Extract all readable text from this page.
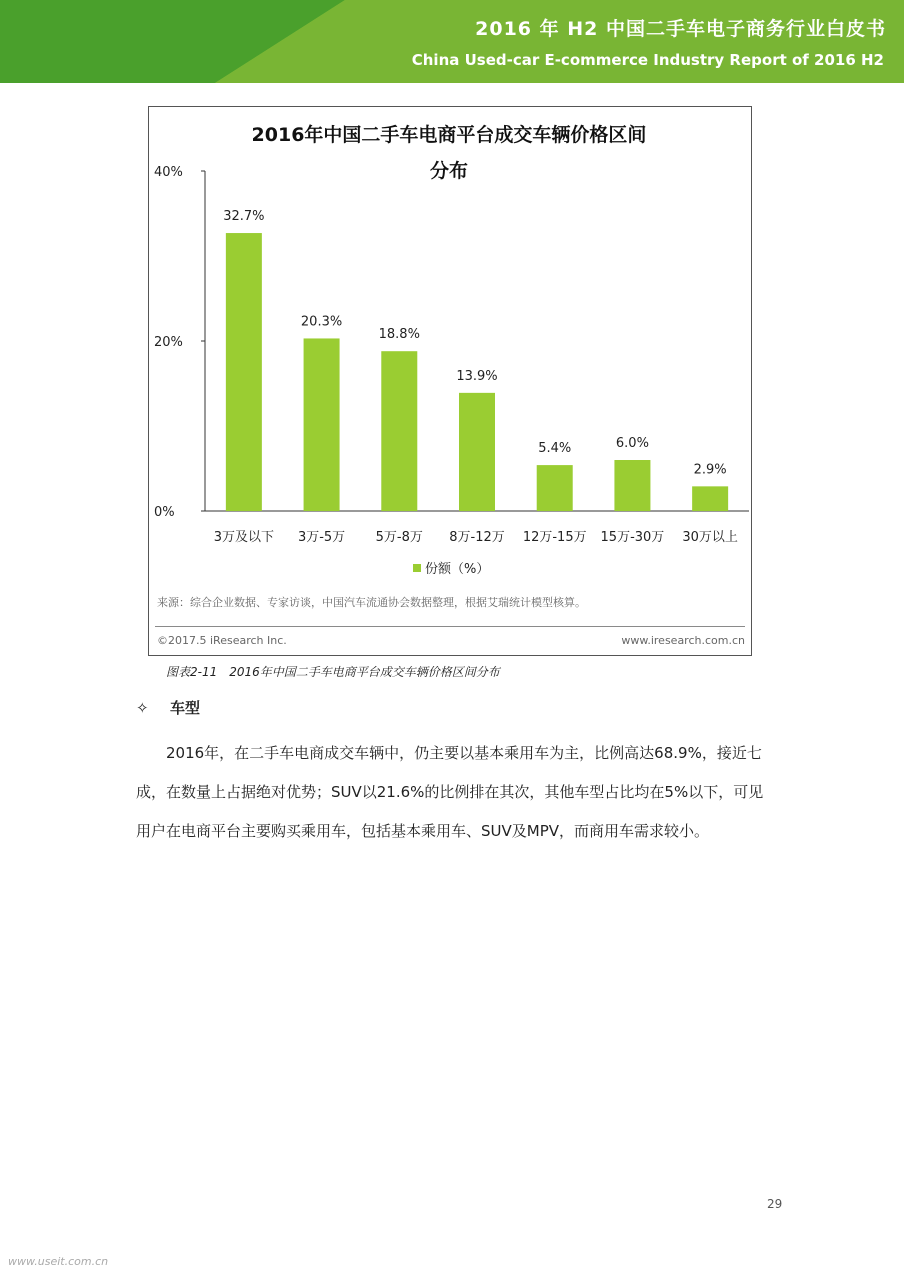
2016 年 H2 中国二手车电子商务行业白皮书
China Used-car E-commerce Industry Report of 2016 H2
2016年中国二手车电商平台成交车辆价格区间
分布
0%
20%
40%
32.7%
3万及以下
20.3%
3万-5万
18.8%
5万-8万
13.9%
8万-12万
5.4%
12万-15万
6.0%
15万-30万
2.9%
30万以上
份额（%）
来源：综合企业数据、专家访谈，中国汽车流通协会数据整理，根据艾瑞统计模型核算。
©2017.5 iResearch Inc.	www.iresearch.com.cn
图表2-11　2016年中国二手车电商平台成交车辆价格区间分布
✧ 车型

2016年，在二手车电商成交车辆中，仍主要以基本乘用车为主，比例高达68.9%，接近七成，在数量上占据绝对优势；SUV以21.6%的比例排在其次，其他车型占比均在5%以下，可见用户在电商平台主要购买乘用车，包括基本乘用车、SUV及MPV，而商用车需求较小。

29
www.useit.com.cn
